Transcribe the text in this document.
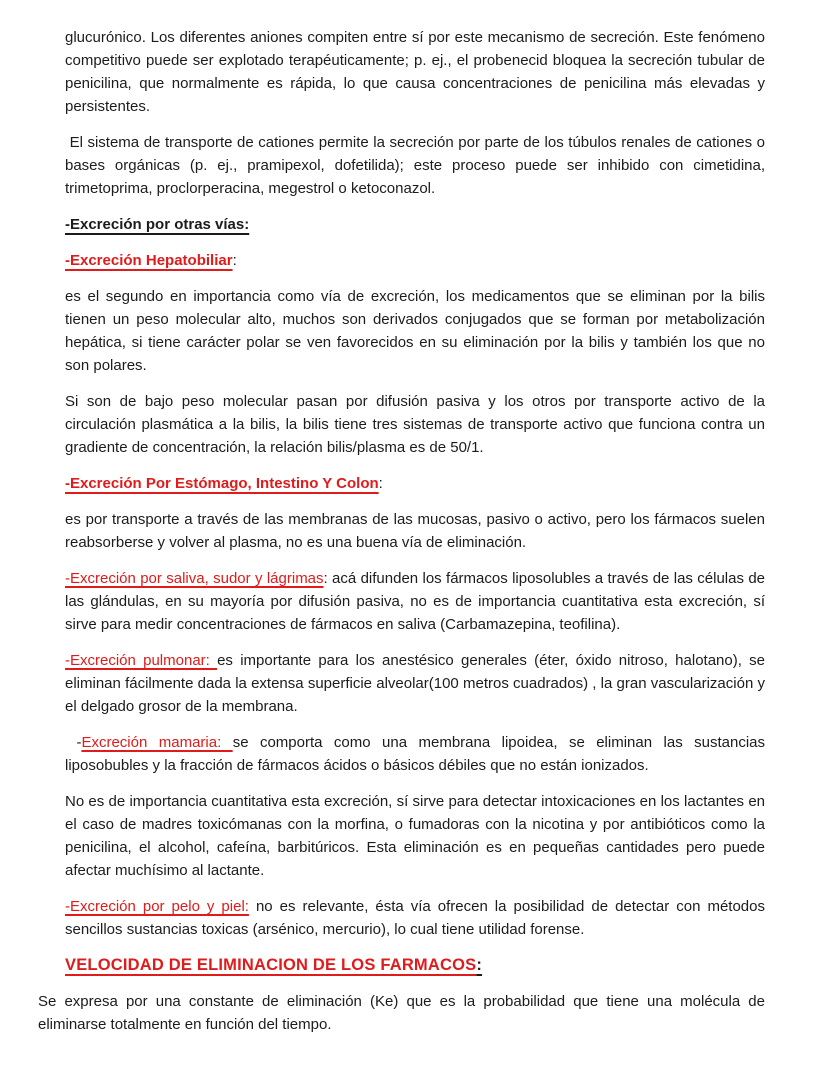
glucurónico. Los diferentes aniones compiten entre sí por este mecanismo de secreción. Este fenómeno competitivo puede ser explotado terapéuticamente; p. ej., el probenecid bloquea la secreción tubular de penicilina, que normalmente es rápida, lo que causa concentraciones de penicilina más elevadas y persistentes.

El sistema de transporte de cationes permite la secreción por parte de los túbulos renales de cationes o bases orgánicas (p. ej., pramipexol, dofetilida); este proceso puede ser inhibido con cimetidina, trimetoprima, proclorperacina, megestrol o ketoconazol.

-Excreción por otras vías:

-Excreción Hepatobiliar:

es el segundo en importancia como vía de excreción, los medicamentos que se eliminan por la bilis tienen un peso molecular alto, muchos son derivados conjugados que se forman por metabolización hepática, si tiene carácter polar se ven favorecidos en su eliminación por la bilis y también los que no son polares.

Si son de bajo peso molecular pasan por difusión pasiva y los otros por transporte activo de la circulación plasmática a la bilis, la bilis tiene tres sistemas de transporte activo que funciona contra un gradiente de concentración, la relación bilis/plasma es de 50/1.

-Excreción Por Estómago, Intestino Y Colon:

es por transporte a través de las membranas de las mucosas, pasivo o activo, pero los fármacos suelen reabsorberse y volver al plasma, no es una buena vía de eliminación.

-Excreción por saliva, sudor y lágrimas: acá difunden los fármacos liposolubles a través de las células de las glándulas, en su mayoría por difusión pasiva, no es de importancia cuantitativa esta excreción, sí sirve para medir concentraciones de fármacos en saliva (Carbamazepina, teofilina).

-Excreción pulmonar: es importante para los anestésico generales (éter, óxido nitroso, halotano), se eliminan fácilmente dada la extensa superficie alveolar(100 metros cuadrados) , la gran vascularización y el delgado grosor de la membrana.

-Excreción mamaria: se comporta como una membrana lipoidea, se eliminan las sustancias liposobubles y la fracción de fármacos ácidos o básicos débiles que no están ionizados.

No es de importancia cuantitativa esta excreción, sí sirve para detectar intoxicaciones en los lactantes en el caso de madres toxicómanas con la morfina, o fumadoras con la nicotina y por antibióticos como la penicilina, el alcohol, cafeína, barbitúricos. Esta eliminación es en pequeñas cantidades pero puede afectar muchísimo al lactante.

-Excreción por pelo y piel: no es relevante, ésta vía ofrecen la posibilidad de detectar con métodos sencillos sustancias toxicas (arsénico, mercurio), lo cual tiene utilidad forense.

VELOCIDAD DE ELIMINACION DE LOS FARMACOS:

Se expresa por una constante de eliminación (Ke) que es la probabilidad que tiene una molécula de eliminarse totalmente en función del tiempo.
